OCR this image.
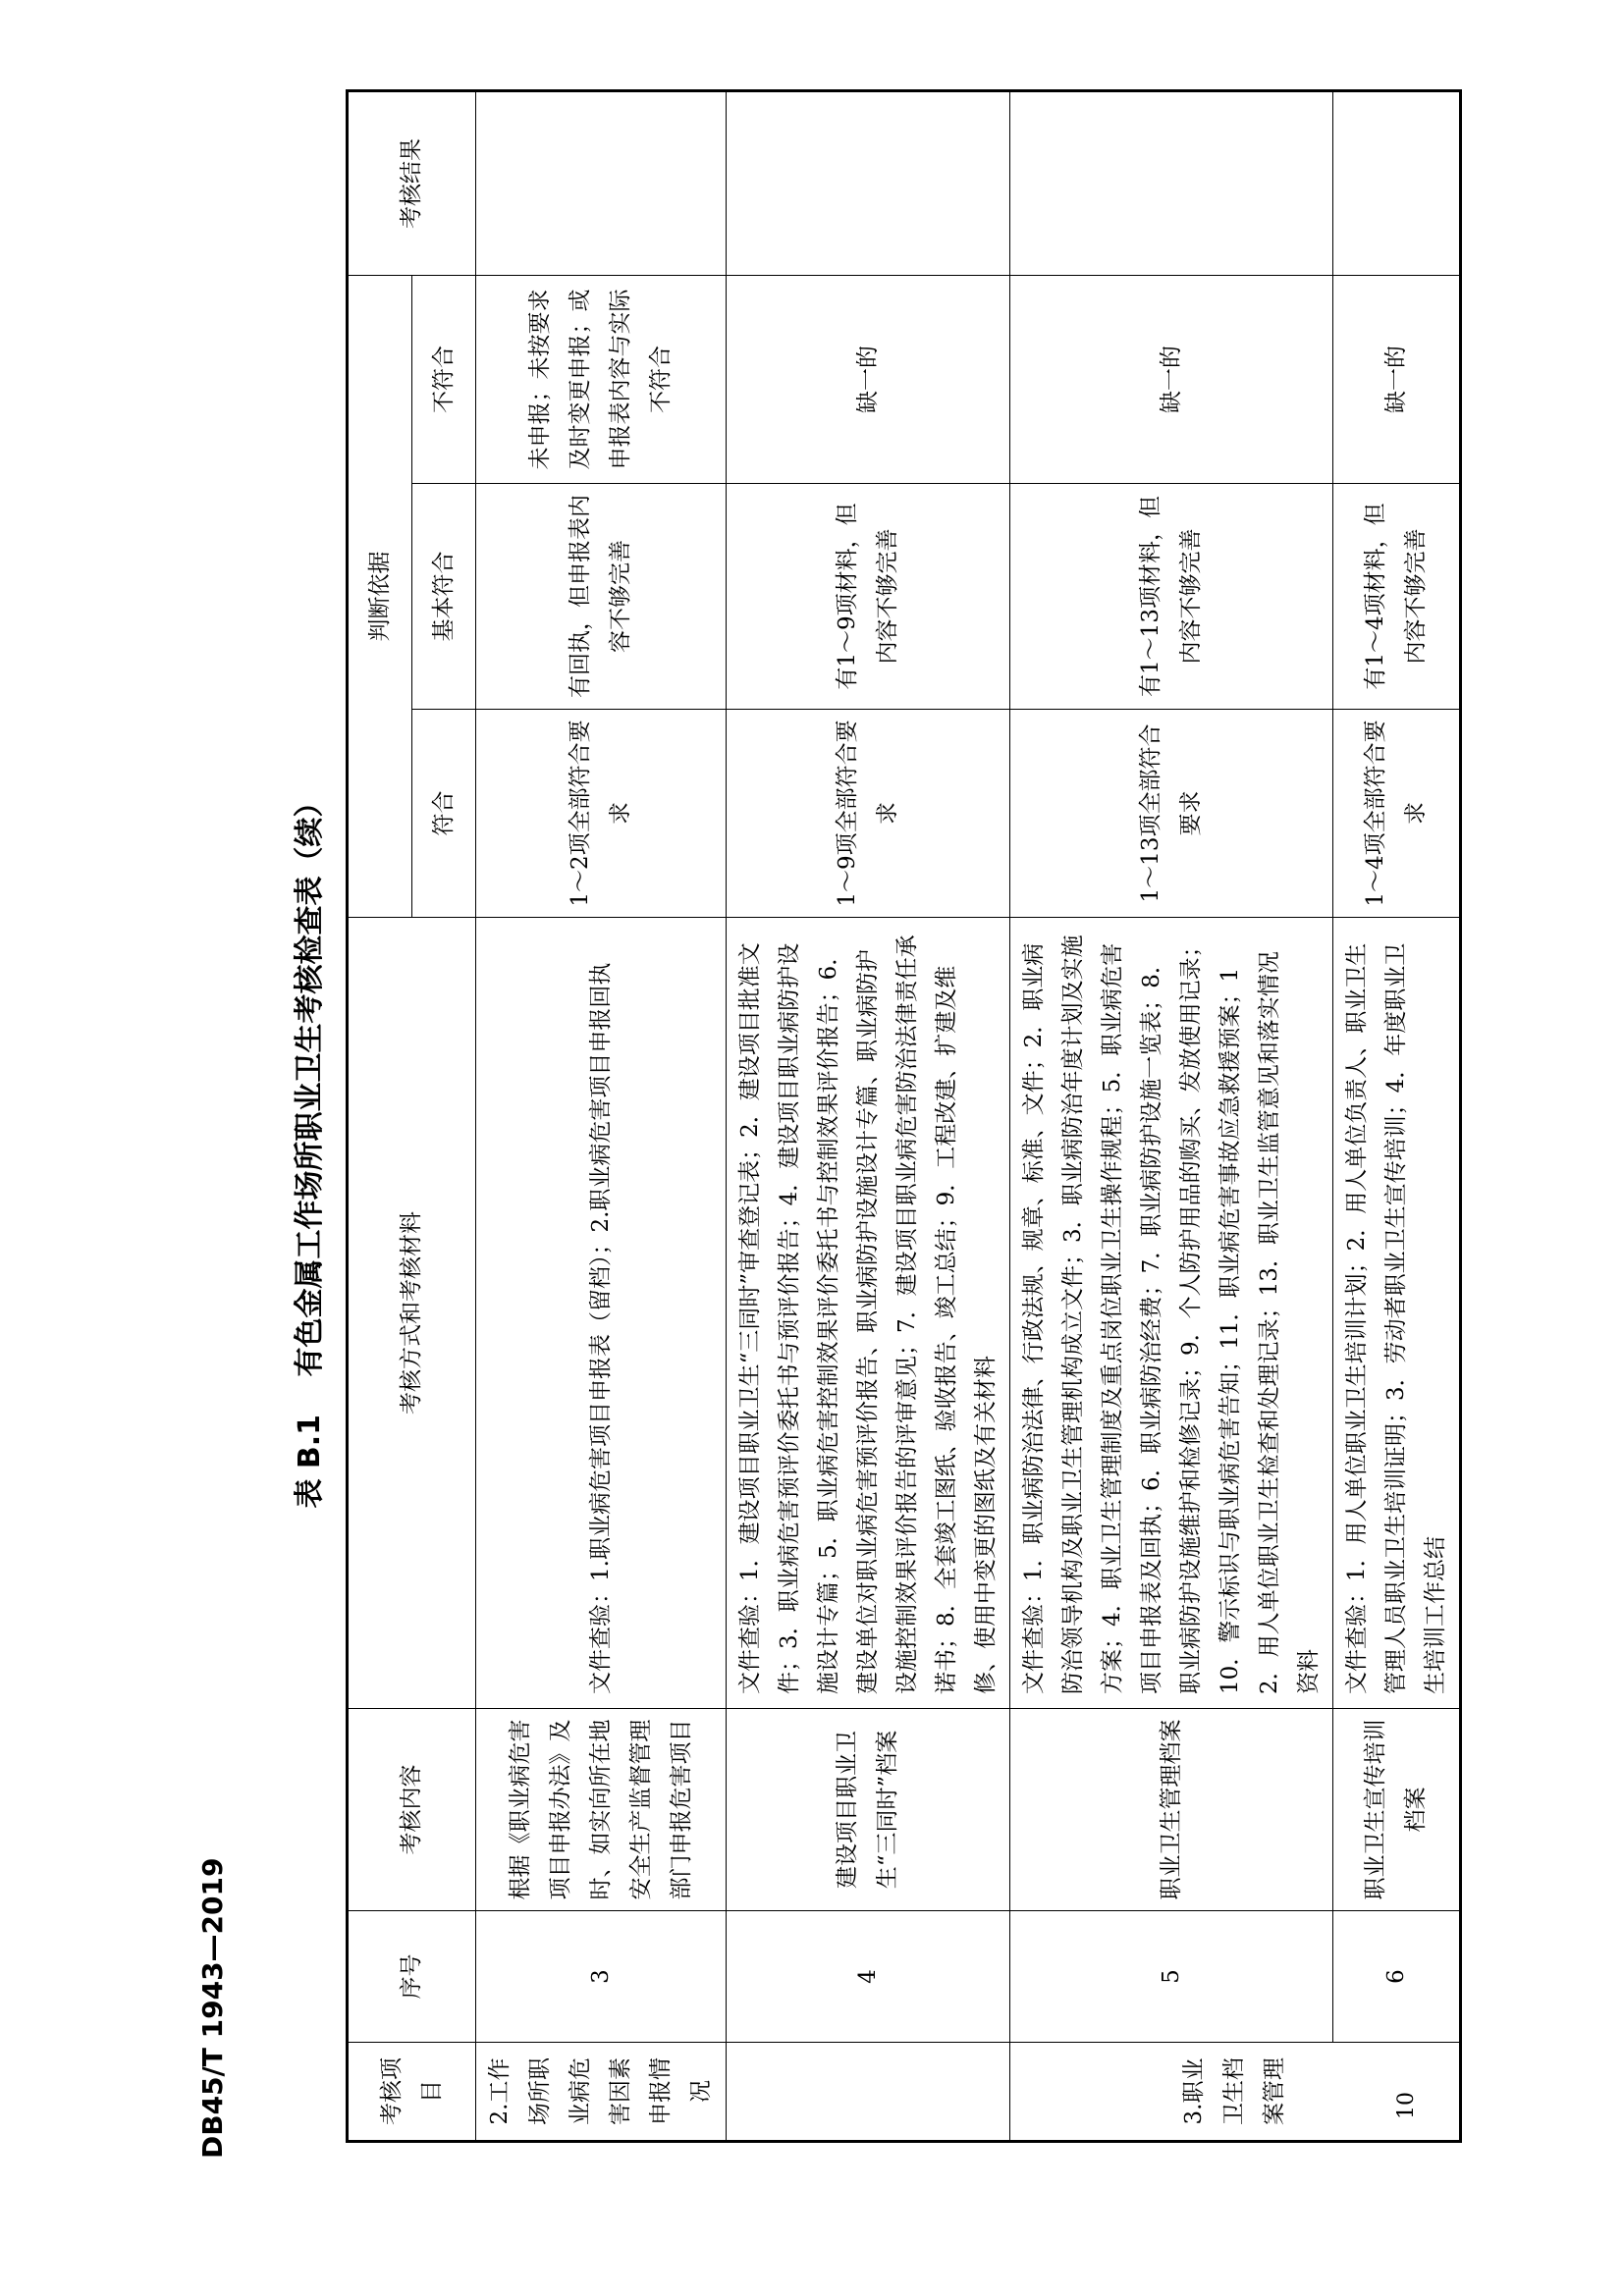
DB45/T 1943—2019
表 B.1 有色金属工作场所职业卫生考核检查表（续）
考核项目	序号	考核内容	考核方式和考核材料	判断依据			考核结果
				符合	基本符合	不符合	
2.工作场所职业病危害因素申报情况	3	根据《职业病危害项目申报办法》及时、如实向所在地安全生产监督管理部门申报危害项目	文件查验：1.职业病危害项目申报表（留档）；2.职业病危害项目申报回执	1～2项全部符合要求	有回执，但申报表内容不够完善	未申报；未按要求及时变更申报；或申报表内容与实际不符合	
	4	建设项目职业卫生“三同时”档案	文件查验：1．建设项目职业卫生“三同时”审查登记表；2．建设项目批准文件；3．职业病危害预评价委托书与预评价报告；4．建设项目职业病防护设施设计专篇；5．职业病危害控制效果评价委托书与控制效果评价报告；6．建设单位对职业病危害预评价报告、职业病防护设施设计专篇、职业病防护设施控制效果评价报告的评审意见；7．建设项目职业病危害防治法律责任承诺书；8．全套竣工图纸、验收报告、竣工总结；9．工程改建、扩建及维修、使用中变更的图纸及有关材料	1～9项全部符合要求	有1～9项材料，但内容不够完善	缺一的	
3.职业卫生档案管理	5	职业卫生管理档案	文件查验：1．职业病防治法律、行政法规、规章、标准、文件；2．职业病防治领导机构及职业卫生管理机构成立文件；3．职业病防治年度计划及实施方案；4．职业卫生管理制度及重点岗位职业卫生操作规程；5．职业病危害项目申报表及回执；6．职业病防治经费；7．职业病防护设施一览表；8．职业病防护设施维护和检修记录；9．个人防护用品的购买、发放使用记录；10．警示标识与职业病危害告知；11．职业病危害事故应急救援预案；12．用人单位职业卫生检查和处理记录；13．职业卫生监管意见和落实情况资料	1～13项全部符合要求	有1～13项材料，但内容不够完善	缺一的	
	6	职业卫生宣传培训档案	文件查验：1．用人单位职业卫生培训计划；2．用人单位负责人、职业卫生管理人员职业卫生培训证明；3．劳动者职业卫生宣传培训；4．年度职业卫生培训工作总结	1～4项全部符合要求	有1～4项材料，但内容不够完善	缺一的	
10
